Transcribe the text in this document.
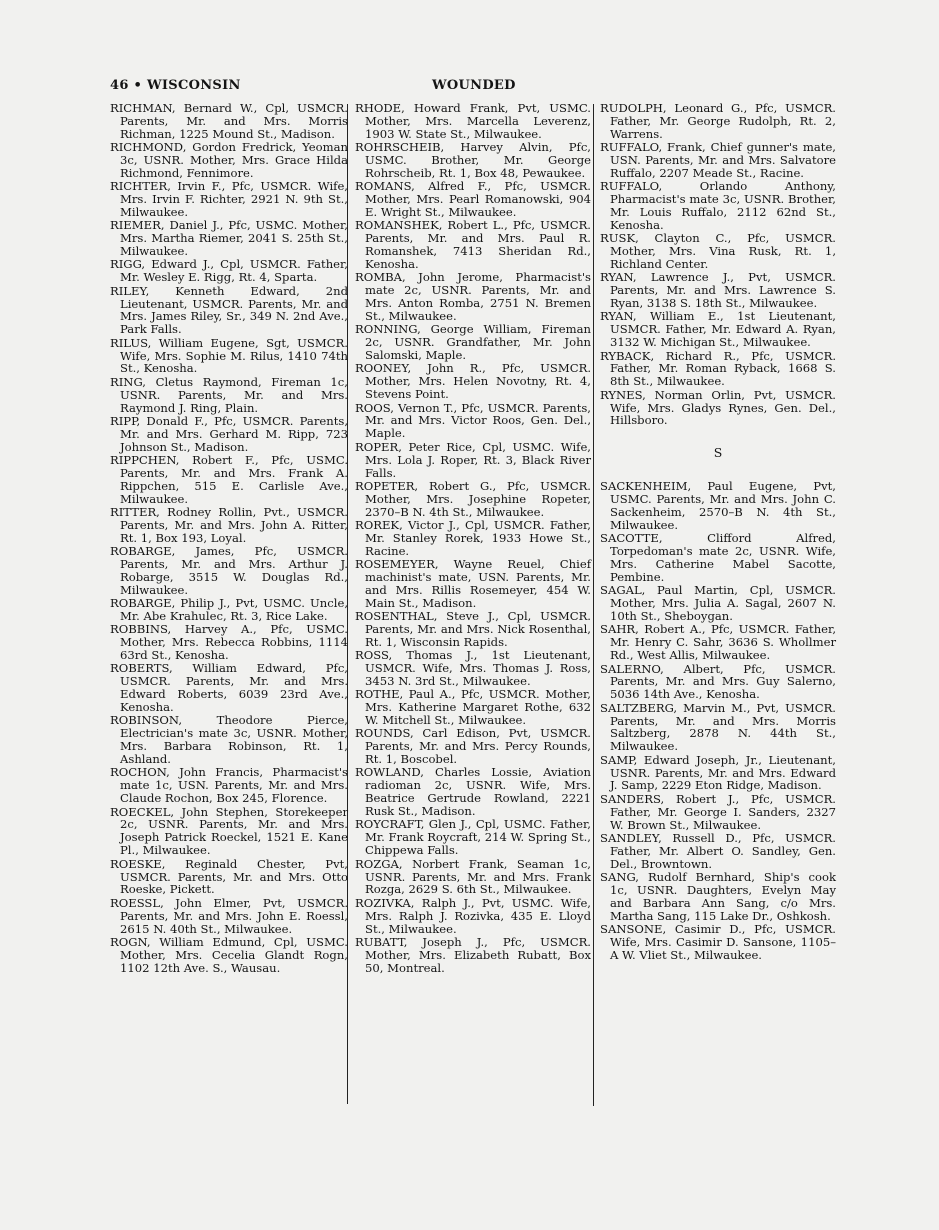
46 • WISCONSIN	WOUNDED

RICHMAN, Bernard W., Cpl, USMCR. Parents, Mr. and Mrs. Morris Richman, 1225 Mound St., Madison.

RICHMOND, Gordon Fredrick, Yeoman 3c, USNR. Mother, Mrs. Grace Hilda Richmond, Fennimore.

RICHTER, Irvin F., Pfc, USMCR. Wife, Mrs. Irvin F. Richter, 2921 N. 9th St., Milwaukee.

RIEMER, Daniel J., Pfc, USMC. Mother, Mrs. Martha Riemer, 2041 S. 25th St., Milwaukee.

RIGG, Edward J., Cpl, USMCR. Father, Mr. Wesley E. Rigg, Rt. 4, Sparta.

RILEY, Kenneth Edward, 2nd Lieutenant, USMCR. Parents, Mr. and Mrs. James Riley, Sr., 349 N. 2nd Ave., Park Falls.

RILUS, William Eugene, Sgt, USMCR. Wife, Mrs. Sophie M. Rilus, 1410 74th St., Kenosha.

RING, Cletus Raymond, Fireman 1c, USNR. Parents, Mr. and Mrs. Raymond J. Ring, Plain.

RIPP, Donald F., Pfc, USMCR. Parents, Mr. and Mrs. Gerhard M. Ripp, 723 Johnson St., Madison.

RIPPCHEN, Robert F., Pfc, USMC. Parents, Mr. and Mrs. Frank A. Rippchen, 515 E. Carlisle Ave., Milwaukee.

RITTER, Rodney Rollin, Pvt., USMCR. Parents, Mr. and Mrs. John A. Ritter, Rt. 1, Box 193, Loyal.

ROBARGE, James, Pfc, USMCR. Parents, Mr. and Mrs. Arthur J. Robarge, 3515 W. Douglas Rd., Milwaukee.

ROBARGE, Philip J., Pvt, USMC. Uncle, Mr. Abe Krahulec, Rt. 3, Rice Lake.

ROBBINS, Harvey A., Pfc, USMC. Mother, Mrs. Rebecca Robbins, 1114 63rd St., Kenosha.

ROBERTS, William Edward, Pfc, USMCR. Parents, Mr. and Mrs. Edward Roberts, 6039 23rd Ave., Kenosha.

ROBINSON, Theodore Pierce, Electrician's mate 3c, USNR. Mother, Mrs. Barbara Robinson, Rt. 1, Ashland.

ROCHON, John Francis, Pharmacist's mate 1c, USN. Parents, Mr. and Mrs. Claude Rochon, Box 245, Florence.

ROECKEL, John Stephen, Storekeeper 2c, USNR. Parents, Mr. and Mrs. Joseph Patrick Roeckel, 1521 E. Kane Pl., Milwaukee.

ROESKE, Reginald Chester, Pvt, USMCR. Parents, Mr. and Mrs. Otto Roeske, Pickett.

ROESSL, John Elmer, Pvt, USMCR. Parents, Mr. and Mrs. John E. Roessl, 2615 N. 40th St., Milwaukee.

ROGN, William Edmund, Cpl, USMC. Mother, Mrs. Cecelia Glandt Rogn, 1102 12th Ave. S., Wausau.

RHODE, Howard Frank, Pvt, USMC. Mother, Mrs. Marcella Leverenz, 1903 W. State St., Milwaukee.

ROHRSCHEIB, Harvey Alvin, Pfc, USMC. Brother, Mr. George Rohrscheib, Rt. 1, Box 48, Pewaukee.

ROMANS, Alfred F., Pfc, USMCR. Mother, Mrs. Pearl Romanowski, 904 E. Wright St., Milwaukee.

ROMANSHEK, Robert L., Pfc, USMCR. Parents, Mr. and Mrs. Paul R. Romanshek, 7413 Sheridan Rd., Kenosha.

ROMBA, John Jerome, Pharmacist's mate 2c, USNR. Parents, Mr. and Mrs. Anton Romba, 2751 N. Bremen St., Milwaukee.

RONNING, George William, Fireman 2c, USNR. Grandfather, Mr. John Salomski, Maple.

ROONEY, John R., Pfc, USMCR. Mother, Mrs. Helen Novotny, Rt. 4, Stevens Point.

ROOS, Vernon T., Pfc, USMCR. Parents, Mr. and Mrs. Victor Roos, Gen. Del., Maple.

ROPER, Peter Rice, Cpl, USMC. Wife, Mrs. Lola J. Roper, Rt. 3, Black River Falls.

ROPETER, Robert G., Pfc, USMCR. Mother, Mrs. Josephine Ropeter, 2370–B N. 4th St., Milwaukee.

ROREK, Victor J., Cpl, USMCR. Father, Mr. Stanley Rorek, 1933 Howe St., Racine.

ROSEMEYER, Wayne Reuel, Chief machinist's mate, USN. Parents, Mr. and Mrs. Rillis Rosemeyer, 454 W. Main St., Madison.

ROSENTHAL, Steve J., Cpl, USMCR. Parents, Mr. and Mrs. Nick Rosenthal, Rt. 1, Wisconsin Rapids.

ROSS, Thomas J., 1st Lieutenant, USMCR. Wife, Mrs. Thomas J. Ross, 3453 N. 3rd St., Milwaukee.

ROTHE, Paul A., Pfc, USMCR. Mother, Mrs. Katherine Margaret Rothe, 632 W. Mitchell St., Milwaukee.

ROUNDS, Carl Edison, Pvt, USMCR. Parents, Mr. and Mrs. Percy Rounds, Rt. 1, Boscobel.

ROWLAND, Charles Lossie, Aviation radioman 2c, USNR. Wife, Mrs. Beatrice Gertrude Rowland, 2221 Rusk St., Madison.

ROYCRAFT, Glen J., Cpl, USMC. Father, Mr. Frank Roycraft, 214 W. Spring St., Chippewa Falls.

ROZGA, Norbert Frank, Seaman 1c, USNR. Parents, Mr. and Mrs. Frank Rozga, 2629 S. 6th St., Milwaukee.

ROZIVKA, Ralph J., Pvt, USMC. Wife, Mrs. Ralph J. Rozivka, 435 E. Lloyd St., Milwaukee.

RUBATT, Joseph J., Pfc, USMCR. Mother, Mrs. Elizabeth Rubatt, Box 50, Montreal.

RUDOLPH, Leonard G., Pfc, USMCR. Father, Mr. George Rudolph, Rt. 2, Warrens.

RUFFALO, Frank, Chief gunner's mate, USN. Parents, Mr. and Mrs. Salvatore Ruffalo, 2207 Meade St., Racine.

RUFFALO, Orlando Anthony, Pharmacist's mate 3c, USNR. Brother, Mr. Louis Ruffalo, 2112 62nd St., Kenosha.

RUSK, Clayton C., Pfc, USMCR. Mother, Mrs. Vina Rusk, Rt. 1, Richland Center.

RYAN, Lawrence J., Pvt, USMCR. Parents, Mr. and Mrs. Lawrence S. Ryan, 3138 S. 18th St., Milwaukee.

RYAN, William E., 1st Lieutenant, USMCR. Father, Mr. Edward A. Ryan, 3132 W. Michigan St., Milwaukee.

RYBACK, Richard R., Pfc, USMCR. Father, Mr. Roman Ryback, 1668 S. 8th St., Milwaukee.

RYNES, Norman Orlin, Pvt, USMCR. Wife, Mrs. Gladys Rynes, Gen. Del., Hillsboro.

S

SACKENHEIM, Paul Eugene, Pvt, USMC. Parents, Mr. and Mrs. John C. Sackenheim, 2570–B N. 4th St., Milwaukee.

SACOTTE, Clifford Alfred, Torpedoman's mate 2c, USNR. Wife, Mrs. Catherine Mabel Sacotte, Pembine.

SAGAL, Paul Martin, Cpl, USMCR. Mother, Mrs. Julia A. Sagal, 2607 N. 10th St., Sheboygan.

SAHR, Robert A., Pfc, USMCR. Father, Mr. Henry C. Sahr, 3636 S. Whollmer Rd., West Allis, Milwaukee.

SALERNO, Albert, Pfc, USMCR. Parents, Mr. and Mrs. Guy Salerno, 5036 14th Ave., Kenosha.

SALTZBERG, Marvin M., Pvt, USMCR. Parents, Mr. and Mrs. Morris Saltzberg, 2878 N. 44th St., Milwaukee.

SAMP, Edward Joseph, Jr., Lieutenant, USNR. Parents, Mr. and Mrs. Edward J. Samp, 2229 Eton Ridge, Madison.

SANDERS, Robert J., Pfc, USMCR. Father, Mr. George I. Sanders, 2327 W. Brown St., Milwaukee.

SANDLEY, Russell D., Pfc, USMCR. Father, Mr. Albert O. Sandley, Gen. Del., Browntown.

SANG, Rudolf Bernhard, Ship's cook 1c, USNR. Daughters, Evelyn May and Barbara Ann Sang, c/o Mrs. Martha Sang, 115 Lake Dr., Oshkosh.

SANSONE, Casimir D., Pfc, USMCR. Wife, Mrs. Casimir D. Sansone, 1105–A W. Vliet St., Milwaukee.
